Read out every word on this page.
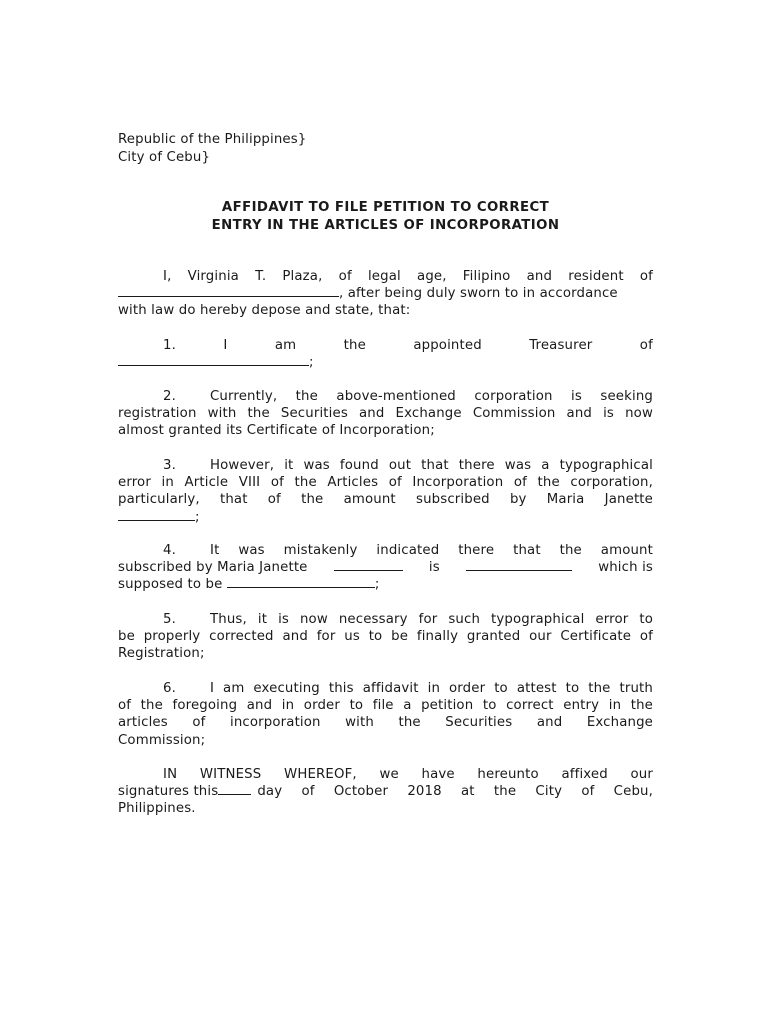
Republic of the Philippines}
City of Cebu}
AFFIDAVIT TO FILE PETITION TO CORRECT
ENTRY IN THE ARTICLES OF INCORPORATION
I, Virginia T. Plaza, of legal age, Filipino and resident of
, after being duly sworn to in accordance
with law do hereby depose and state, that:
1.	I	am	the	appointed	Treasurer	of
;
2.	Currently, the above-mentioned corporation is seeking
registration with the Securities and Exchange Commission and is now
almost granted its Certificate of Incorporation;
3.	However, it was found out that there was a typographical
error in Article VIII of the Articles of Incorporation of the corporation,
particularly, that of the amount subscribed by Maria Janette
;
4.	It was mistakenly indicated there that the amount
subscribed by Maria Janette	is	which is
supposed to be	;
5.	Thus, it is now necessary for such typographical error to
be properly corrected and for us to be finally granted our Certificate of
Registration;
6.	I am executing this affidavit in order to attest to the truth
of the foregoing and in order to file a petition to correct entry in the
articles of incorporation with the Securities and Exchange
Commission;
IN WITNESS WHEREOF, we have hereunto affixed our
signatures this	day of October 2018 at the City of Cebu,
Philippines.
